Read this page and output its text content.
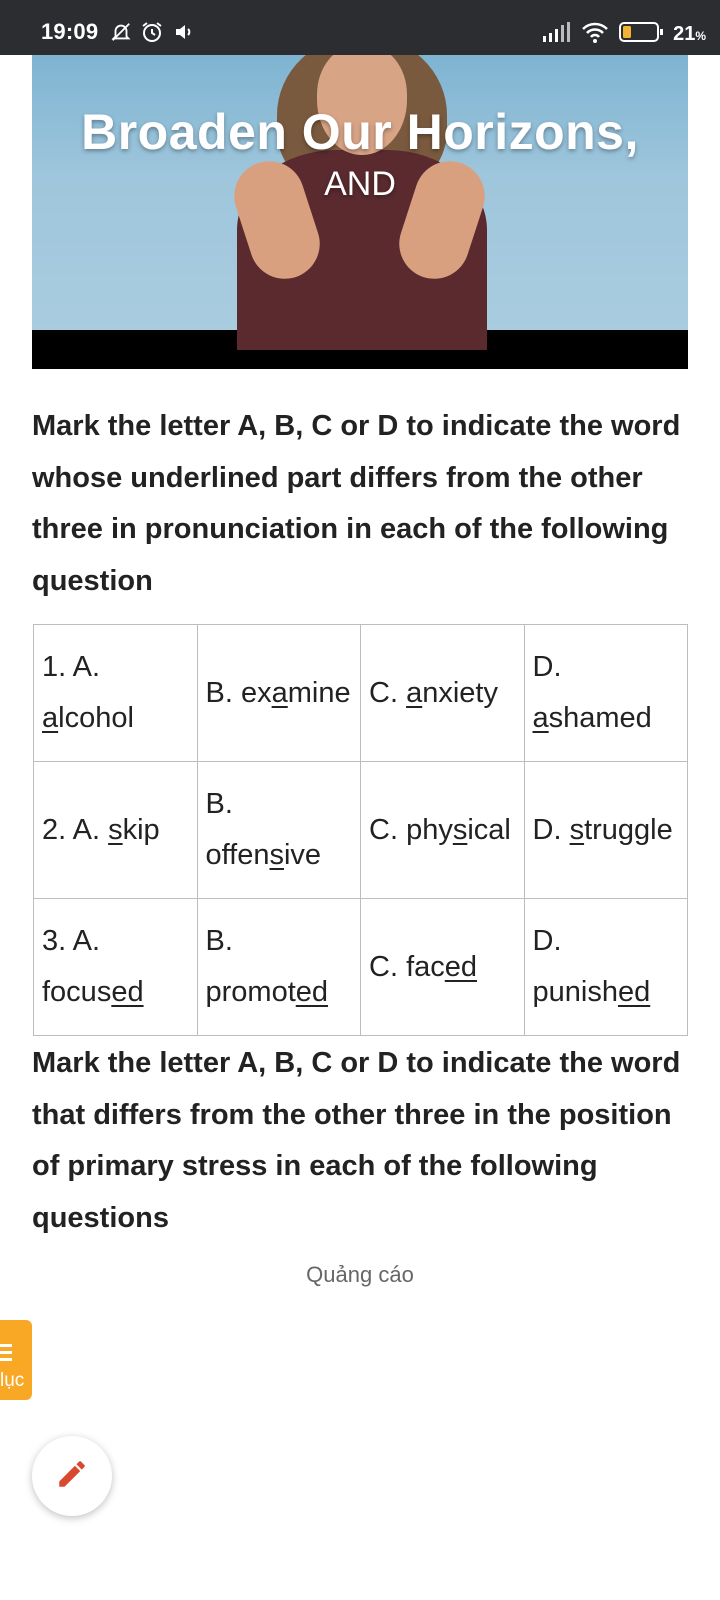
19:09	21%
Broaden Our Horizons,
AND

Mark the letter A, B, C or D to indicate the word whose underlined part differs from the other three in pronunciation in each of the following question

1. A. alcohol	B. examine	C. anxiety	D. ashamed
2. A. skip	B. offensive	C. physical	D. struggle
3. A. focused	B. promoted	C. faced	D. punished

Mark the letter A, B, C or D to indicate the word that differs from the other three in the position of primary stress in each of the following questions

Quảng cáo
lục
